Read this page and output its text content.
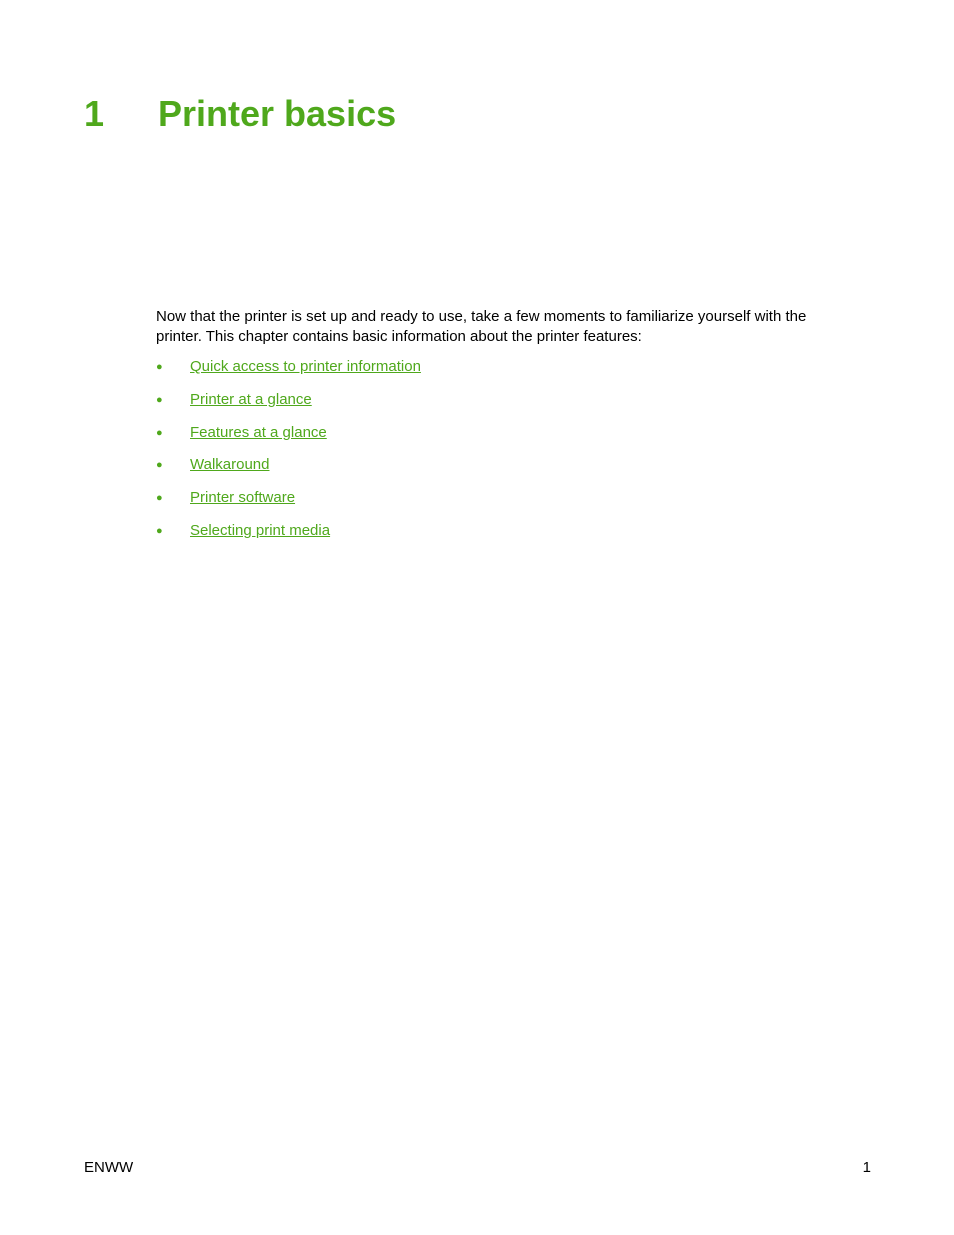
1 Printer basics

Now that the printer is set up and ready to use, take a few moments to familiarize yourself with the printer. This chapter contains basic information about the printer features:

● Quick access to printer information
● Printer at a glance
● Features at a glance
● Walkaround
● Printer software
● Selecting print media
ENWW	1
